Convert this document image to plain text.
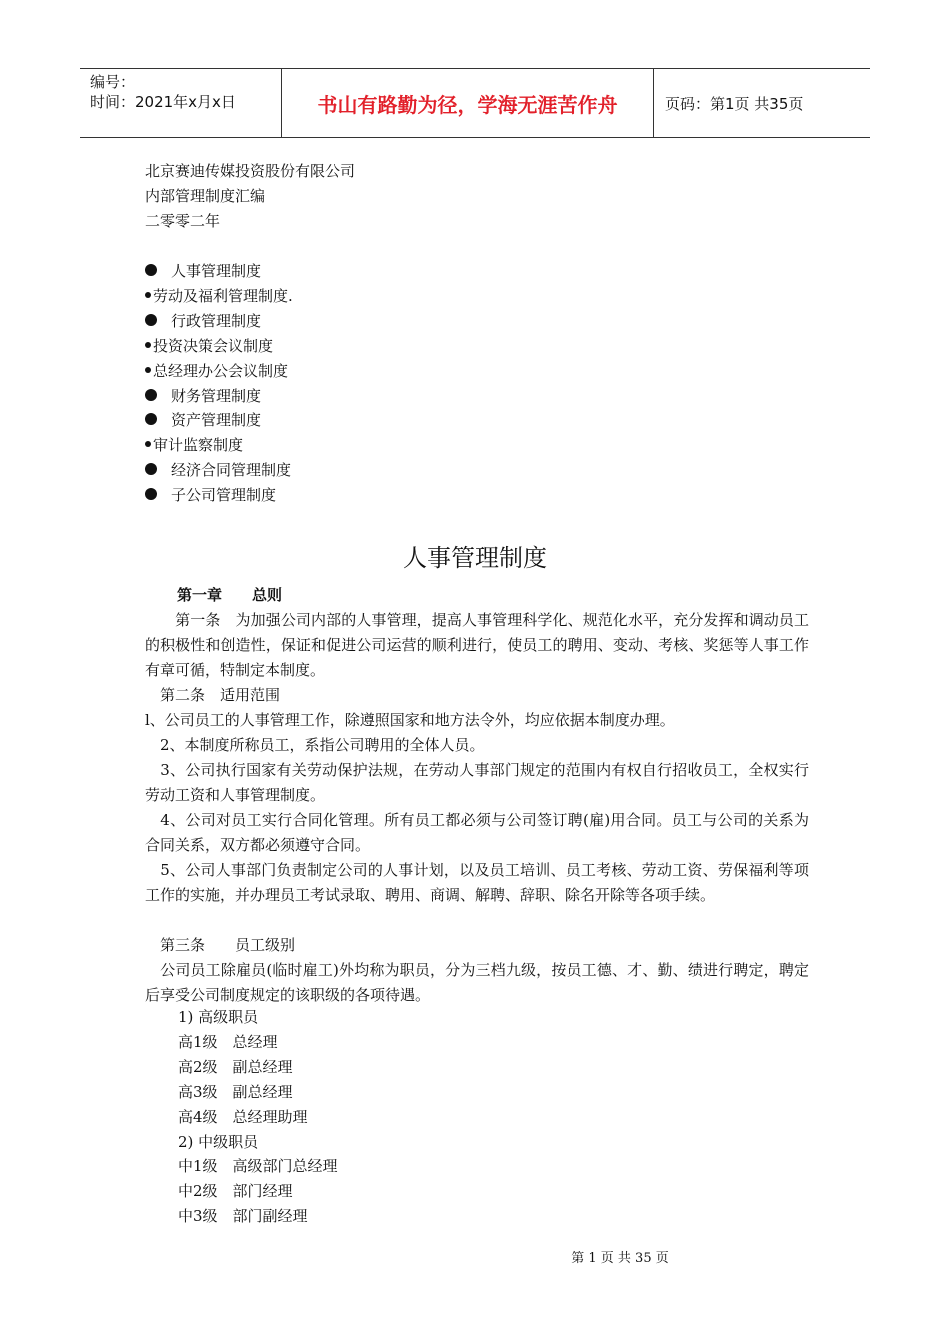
编号：
时间：2021年x月x日	书山有路勤为径，学海无涯苦作舟	页码：第1页 共35页
北京赛迪传媒投资股份有限公司
内部管理制度汇编
二零零二年
人事管理制度
劳动及福利管理制度.
行政管理制度
投资决策会议制度
总经理办公会议制度
财务管理制度
资产管理制度
审计监察制度
经济合同管理制度
子公司管理制度
人事管理制度
第一章　　总则
　　第一条　为加强公司内部的人事管理，提高人事管理科学化、规范化水平，充分发挥和调动员工的积极性和创造性，保证和促进公司运营的顺利进行，使员工的聘用、变动、考核、奖惩等人事工作有章可循，特制定本制度。
　第二条　适用范围
l、公司员工的人事管理工作，除遵照国家和地方法令外，均应依据本制度办理。
　2、本制度所称员工，系指公司聘用的全体人员。
　3、公司执行国家有关劳动保护法规，在劳动人事部门规定的范围内有权自行招收员工，全权实行劳动工资和人事管理制度。
　4、公司对员工实行合同化管理。所有员工都必须与公司签订聘(雇)用合同。员工与公司的关系为合同关系，双方都必须遵守合同。
　5、公司人事部门负责制定公司的人事计划，以及员工培训、员工考核、劳动工资、劳保福利等项工作的实施，并办理员工考试录取、聘用、商调、解聘、辞职、除名开除等各项手续。
　第三条　　员工级别
　公司员工除雇员(临时雇工)外均称为职员，分为三档九级，按员工德、才、勤、绩进行聘定，聘定后享受公司制度规定的该职级的各项待遇。
1) 高级职员
高1级　总经理
高2级　副总经理
高3级　副总经理
高4级　总经理助理
2) 中级职员
中1级　高级部门总经理
中2级　部门经理
中3级　部门副经理
第 1 页 共 35 页
